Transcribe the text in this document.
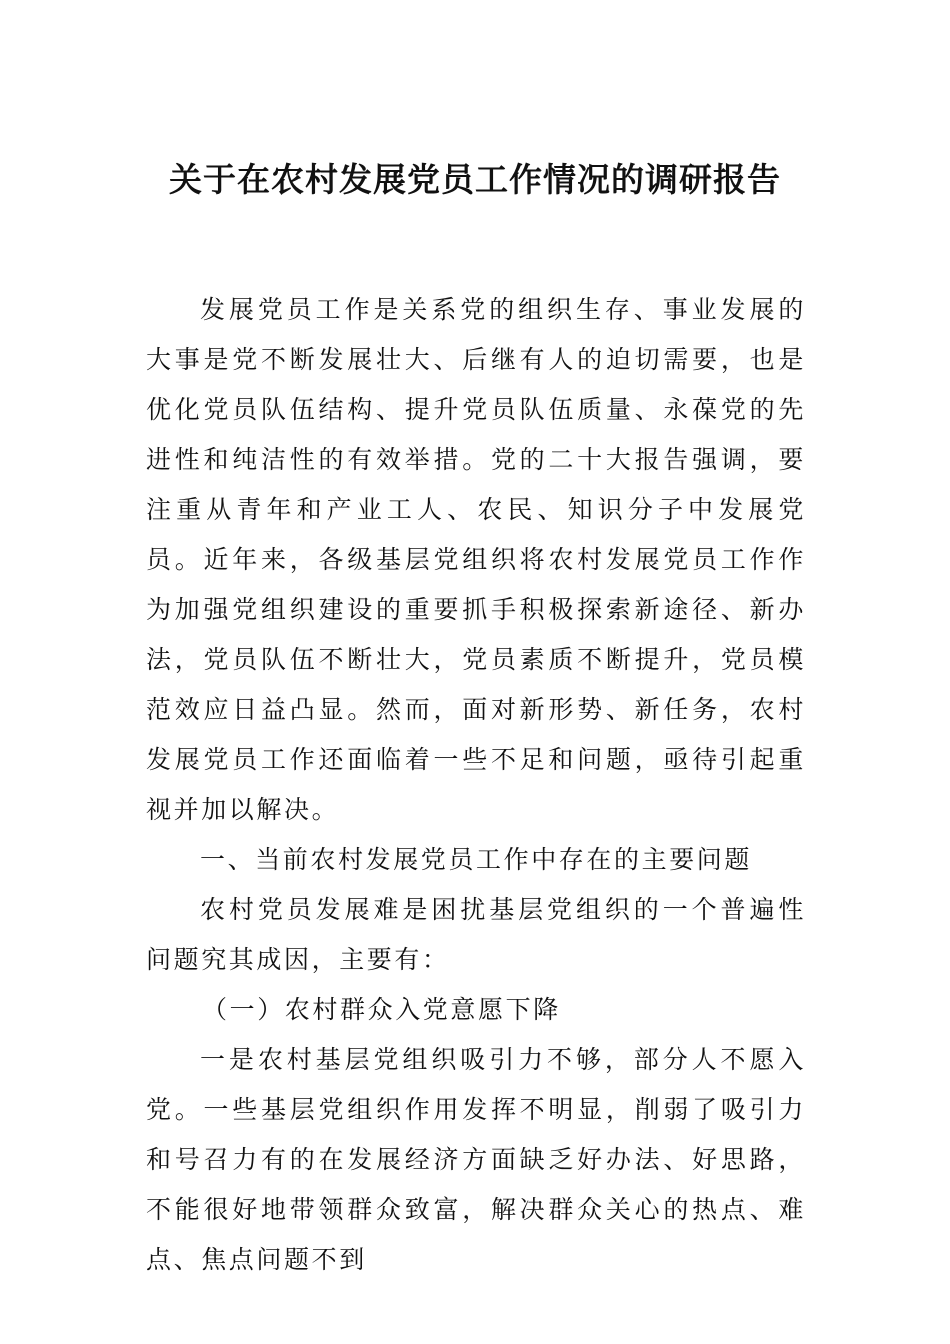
关于在农村发展党员工作情况的调研报告

发展党员工作是关系党的组织生存、事业发展的大事是党不断发展壮大、后继有人的迫切需要，也是优化党员队伍结构、提升党员队伍质量、永葆党的先进性和纯洁性的有效举措。党的二十大报告强调，要注重从青年和产业工人、农民、知识分子中发展党员。近年来，各级基层党组织将农村发展党员工作作为加强党组织建设的重要抓手积极探索新途径、新办法，党员队伍不断壮大，党员素质不断提升，党员模范效应日益凸显。然而，面对新形势、新任务，农村发展党员工作还面临着一些不足和问题，亟待引起重视并加以解决。

一、当前农村发展党员工作中存在的主要问题

农村党员发展难是困扰基层党组织的一个普遍性问题究其成因，主要有：

（一）农村群众入党意愿下降

一是农村基层党组织吸引力不够，部分人不愿入党。一些基层党组织作用发挥不明显，削弱了吸引力和号召力有的在发展经济方面缺乏好办法、好思路，不能很好地带领群众致富，解决群众关心的热点、难点、焦点问题不到
